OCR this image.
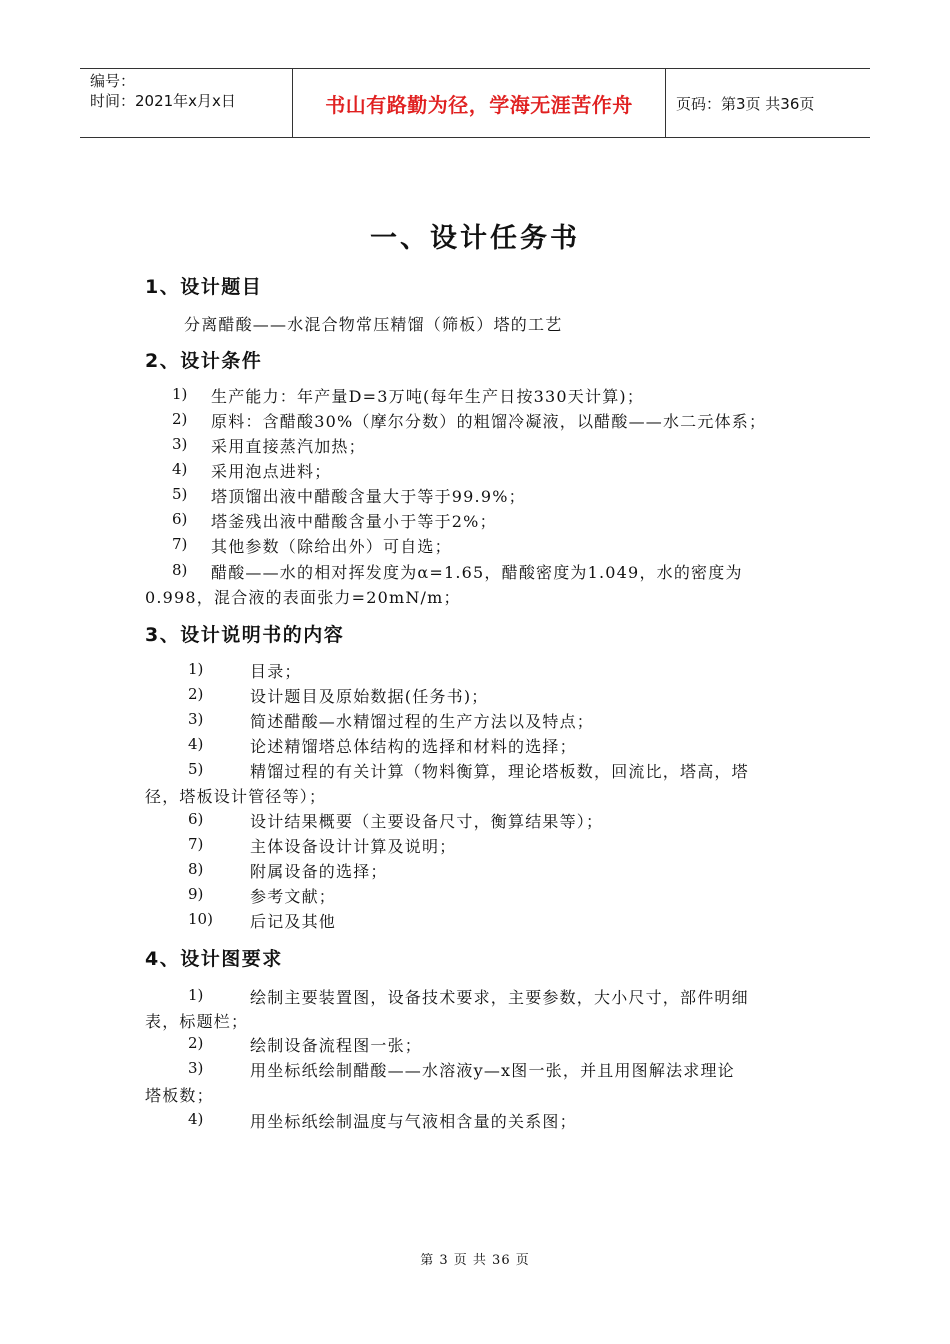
编号：
时间：2021年x月x日	书山有路勤为径，学海无涯苦作舟	页码：第3页 共36页
一、设计任务书
1、设计题目
分离醋酸——水混合物常压精馏（筛板）塔的工艺
2、设计条件
1) 生产能力：年产量D=3万吨(每年生产日按330天计算)；
2) 原料：含醋酸30%（摩尔分数）的粗馏冷凝液，以醋酸——水二元体系；
3) 采用直接蒸汽加热；
4) 采用泡点进料；
5) 塔顶馏出液中醋酸含量大于等于99.9%；
6) 塔釜残出液中醋酸含量小于等于2%；
7) 其他参数（除给出外）可自选；
8) 醋酸——水的相对挥发度为α=1.65，醋酸密度为1.049，水的密度为
0.998，混合液的表面张力=20mN/m；
3、设计说明书的内容
1)	目录；
2)	设计题目及原始数据(任务书)；
3)	简述醋酸—水精馏过程的生产方法以及特点；
4)	论述精馏塔总体结构的选择和材料的选择；
5)	精馏过程的有关计算（物料衡算，理论塔板数，回流比，塔高，塔
径，塔板设计管径等）；
6)	设计结果概要（主要设备尺寸，衡算结果等）；
7)	主体设备设计计算及说明；
8)	附属设备的选择；
9)	参考文献；
10) 后记及其他
4、设计图要求
1)	绘制主要装置图，设备技术要求，主要参数，大小尺寸，部件明细
表，标题栏；
2)	绘制设备流程图一张；
3)	用坐标纸绘制醋酸——水溶液y—x图一张，并且用图解法求理论
塔板数；
4)	用坐标纸绘制温度与气液相含量的关系图；
第 3 页 共 36 页
